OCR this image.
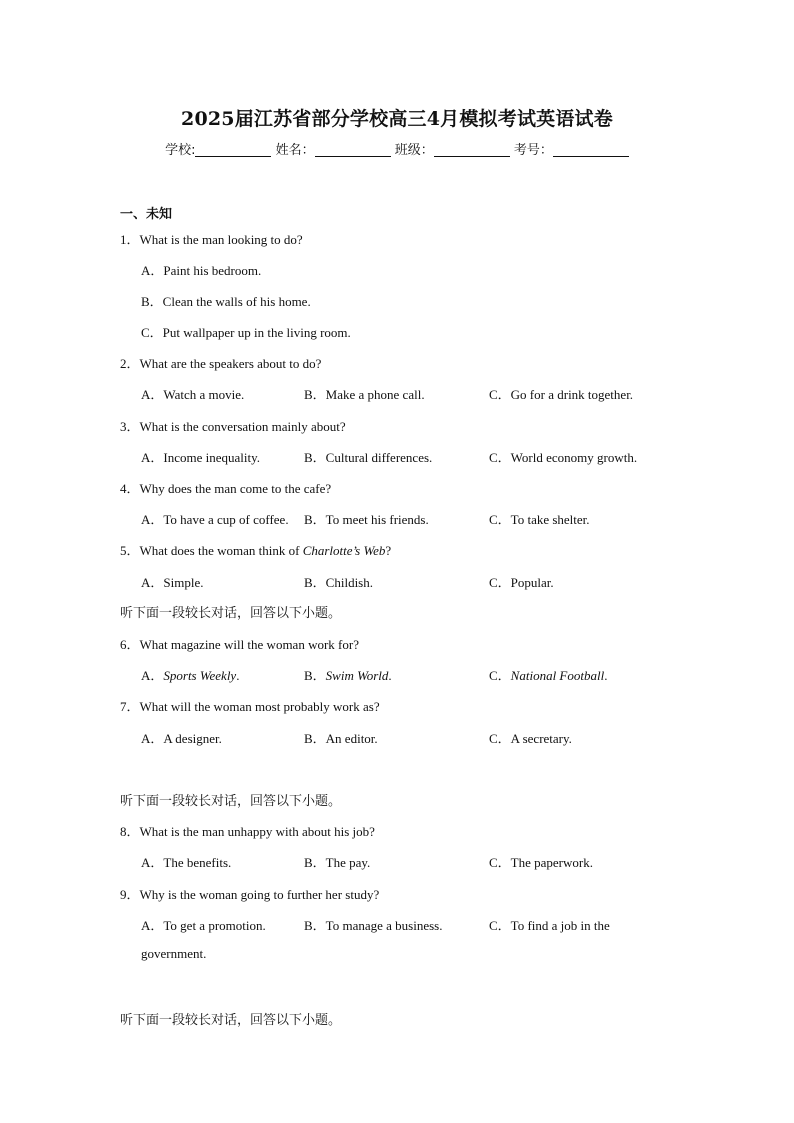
2025届江苏省部分学校高三4月模拟考试英语试卷
学校:	姓名：	班级：	考号：
一、未知
1．What is the man looking to do?
A．Paint his bedroom.
B．Clean the walls of his home.
C．Put wallpaper up in the living room.
2．What are the speakers about to do?
A．Watch a movie.	B．Make a phone call.	C．Go for a drink together.
3．What is the conversation mainly about?
A．Income inequality.	B．Cultural differences.	C．World economy growth.
4．Why does the man come to the cafe?
A．To have a cup of coffee. B．To meet his friends.	C．To take shelter.
5．What does the woman think of Charlotte’s Web?
A．Simple.	B．Childish.	C．Popular.
听下面一段较长对话，回答以下小题。
6．What magazine will the woman work for?
A．Sports Weekly.	B．Swim World.	C．National Football.
7．What will the woman most probably work as?
A．A designer.	B．An editor.	C．A secretary.
听下面一段较长对话，回答以下小题。
8．What is the man unhappy with about his job?
A．The benefits.	B．The pay.	C．The paperwork.
9．Why is the woman going to further her study?
A．To get a promotion.	B．To manage a business.	C．To find a job in the
government.
听下面一段较长对话，回答以下小题。
